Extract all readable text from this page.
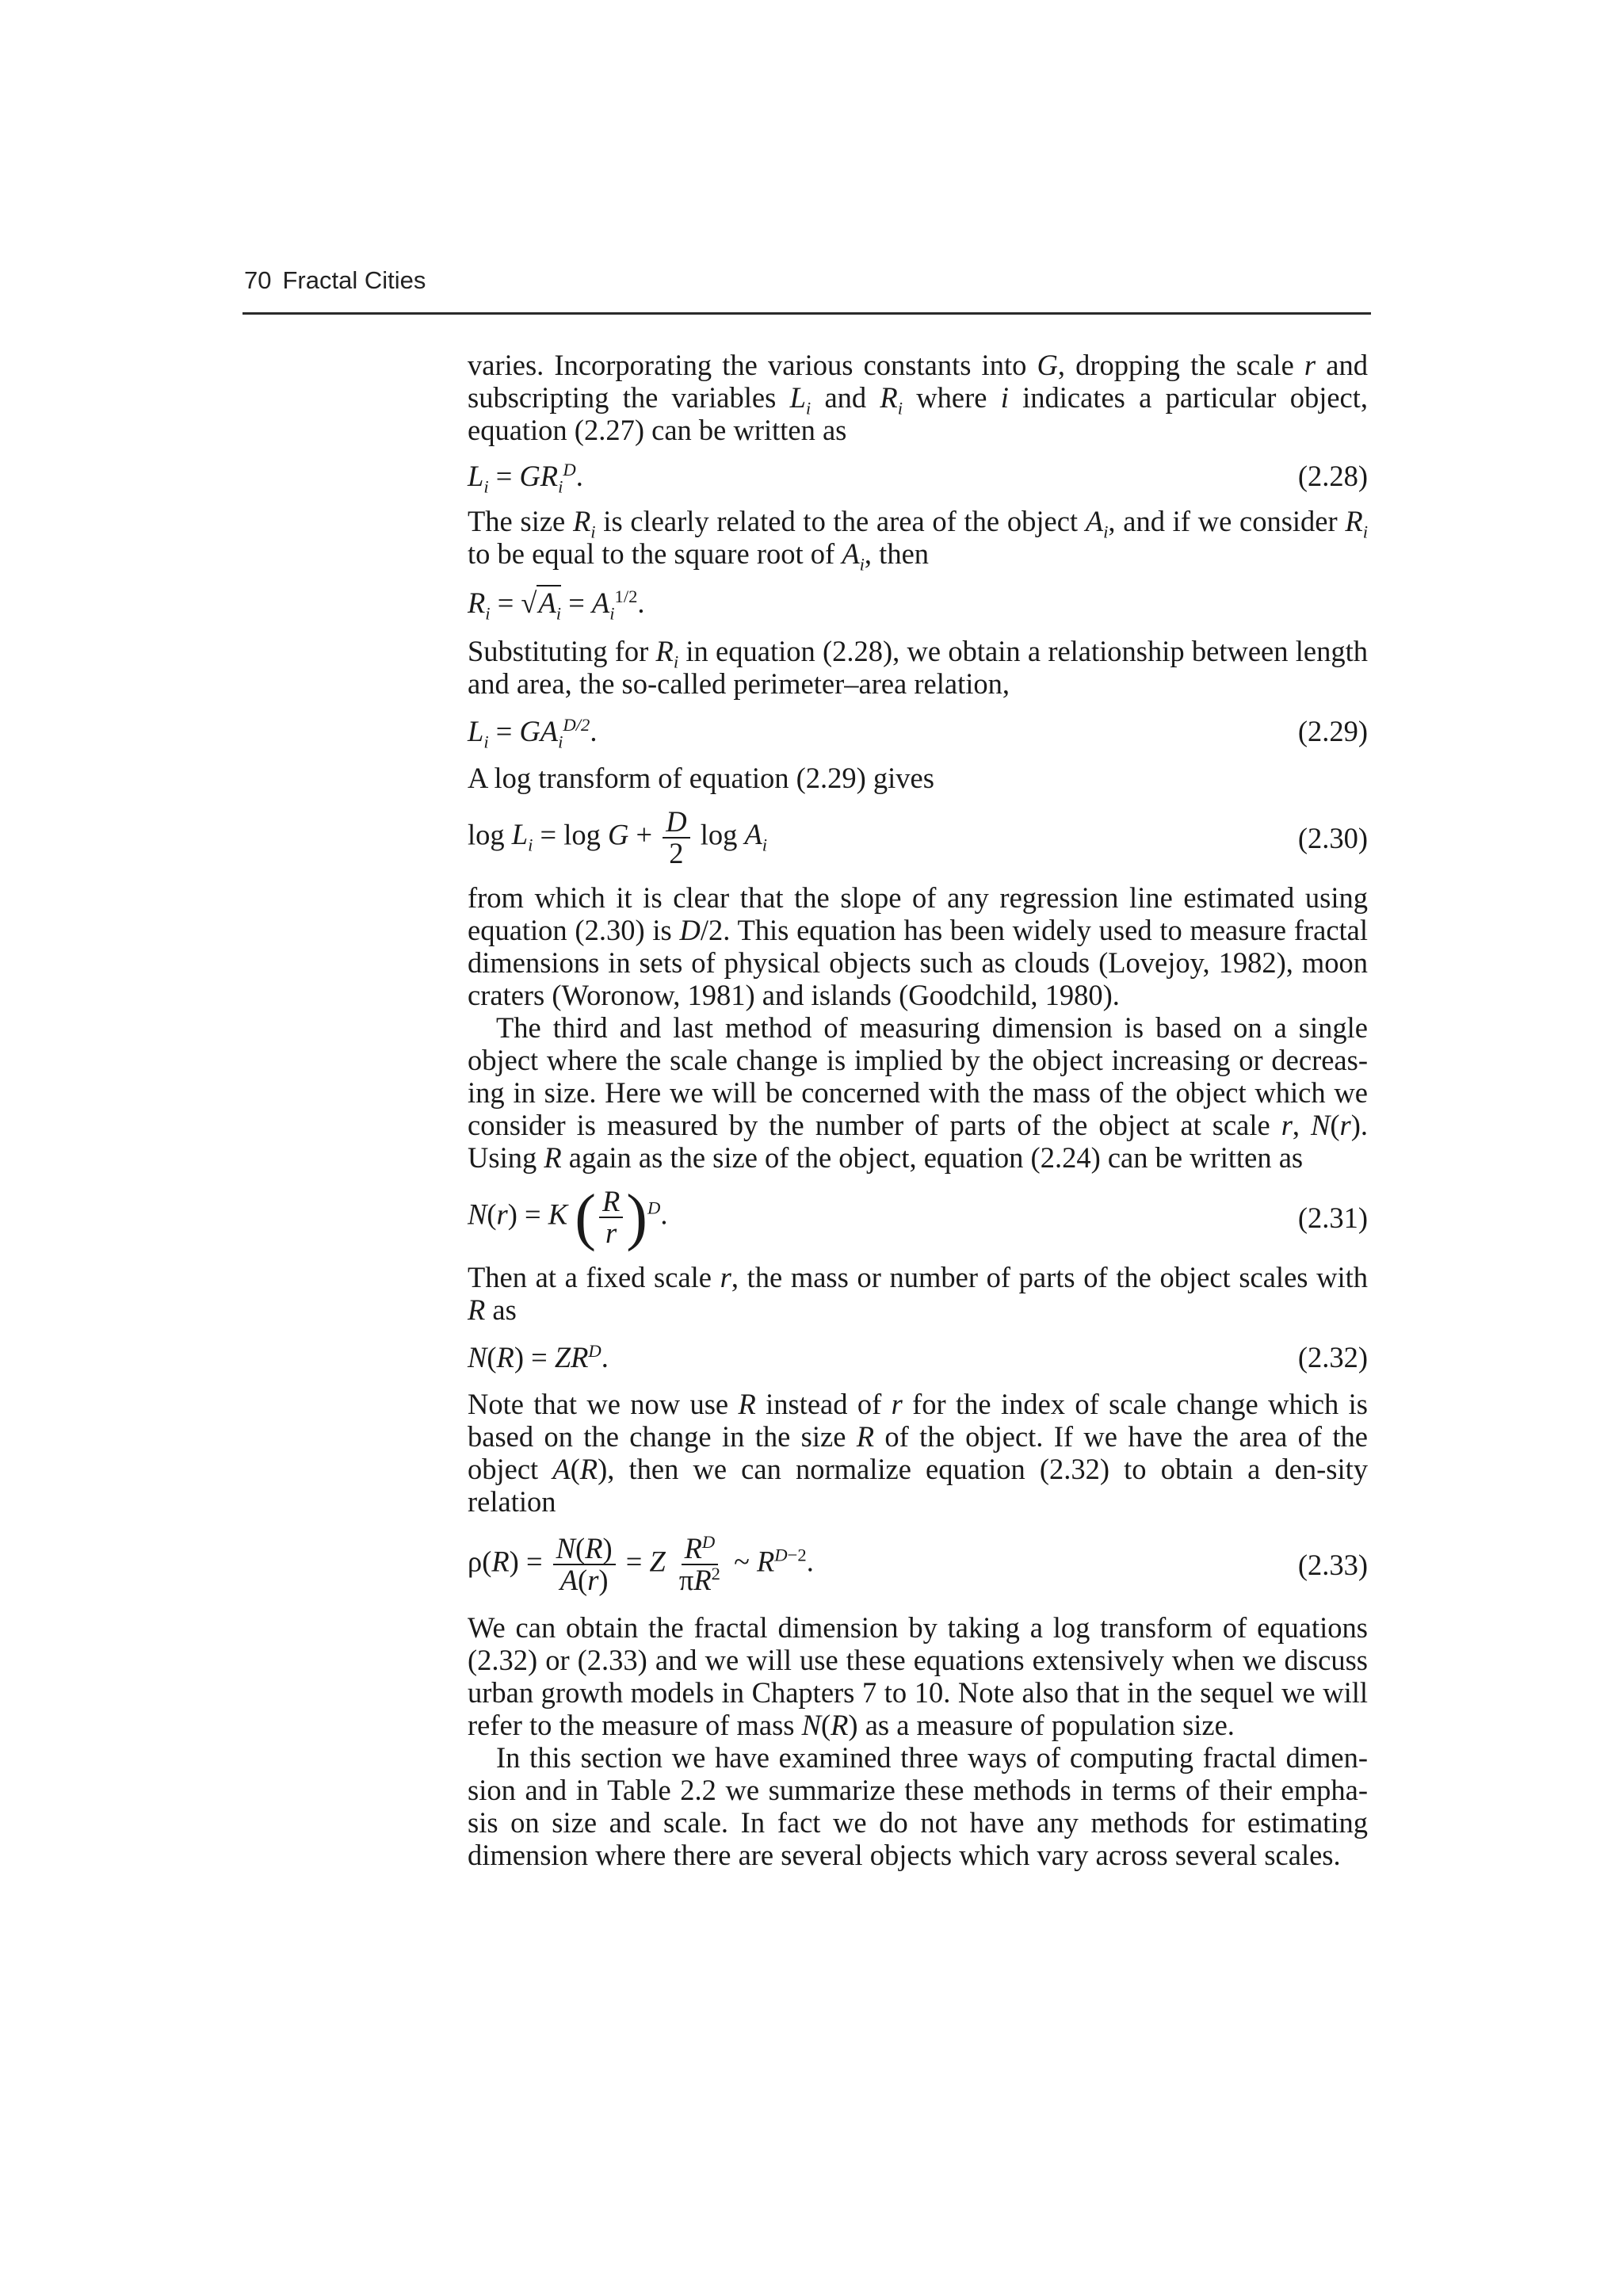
70 Fractal Cities

varies. Incorporating the various constants into G, dropping the scale r and subscripting the variables $L_i$ and $R_i$ where i indicates a particular object, equation (2.27) can be written as

$L_i = GR_i^D$.	(2.28)

The size $R_i$ is clearly related to the area of the object $A_i$, and if we consider $R_i$ to be equal to the square root of $A_i$, then

$R_i = √A_i = A_i^{1/2}$.

Substituting for $R_i$ in equation (2.28), we obtain a relationship between length and area, the so-called perimeter–area relation,

$L_i = GA_i^{D/2}$.	(2.29)

A log transform of equation (2.29) gives

$\log L_i = \log G + \frac{D}{2}$ $\log A_i$	(2.30)

from which it is clear that the slope of any regression line estimated using equation (2.30) is D/2. This equation has been widely used to measure fractal dimensions in sets of physical objects such as clouds (Lovejoy, 1982), moon craters (Woronow, 1981) and islands (Goodchild, 1980).

The third and last method of measuring dimension is based on a single object where the scale change is implied by the object increasing or decreas-ing in size. Here we will be concerned with the mass of the object which we consider is measured by the number of parts of the object at scale r, N(r). Using R again as the size of the object, equation (2.24) can be written as

N(r) = K ( $\frac{R}{r} )^D$.	(2.31)

Then at a fixed scale r, the mass or number of parts of the object scales with R as

$N(R) = ZR^D$.	(2.32)

Note that we now use R instead of r for the index of scale change which is based on the change in the size R of the object. If we have the area of the object A(R), then we can normalize equation (2.32) to obtain a den-sity relation

$\rho(R) = \frac{N(R)}{A(r)} = Z \frac{R^D}{\pi R^2}$ ~ $R^{D-2}$.	(2.33)

We can obtain the fractal dimension by taking a log transform of equations (2.32) or (2.33) and we will use these equations extensively when we discuss urban growth models in Chapters 7 to 10. Note also that in the sequel we will refer to the measure of mass N(R) as a measure of population size.

In this section we have examined three ways of computing fractal dimen-sion and in Table 2.2 we summarize these methods in terms of their empha-sis on size and scale. In fact we do not have any methods for estimating dimension where there are several objects which vary across several scales.
